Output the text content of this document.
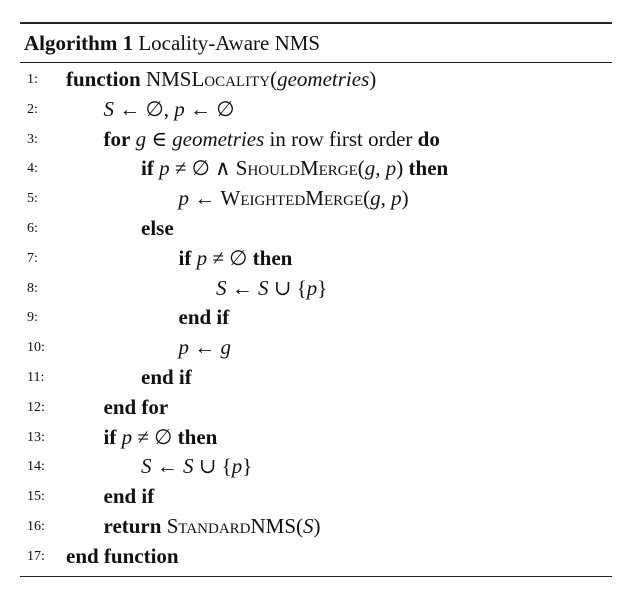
Algorithm 1 Locality-Aware NMS
1:	function NMSLocality(geometries)
2:	S ← ∅, p ← ∅
3:	for g ∈ geometries in row first order do
4:	if p ≠ ∅ ∧ ShouldMerge(g, p) then
5:	p ← WeightedMerge(g, p)
6:	else
7:	if p ≠ ∅ then
8:	S ← S ∪ {p}
9:	end if
10:	p ← g
11:	end if
12:	end for
13:	if p ≠ ∅ then
14:	S ← S ∪ {p}
15:	end if
16:	return StandardNMS(S)
17:	end function
